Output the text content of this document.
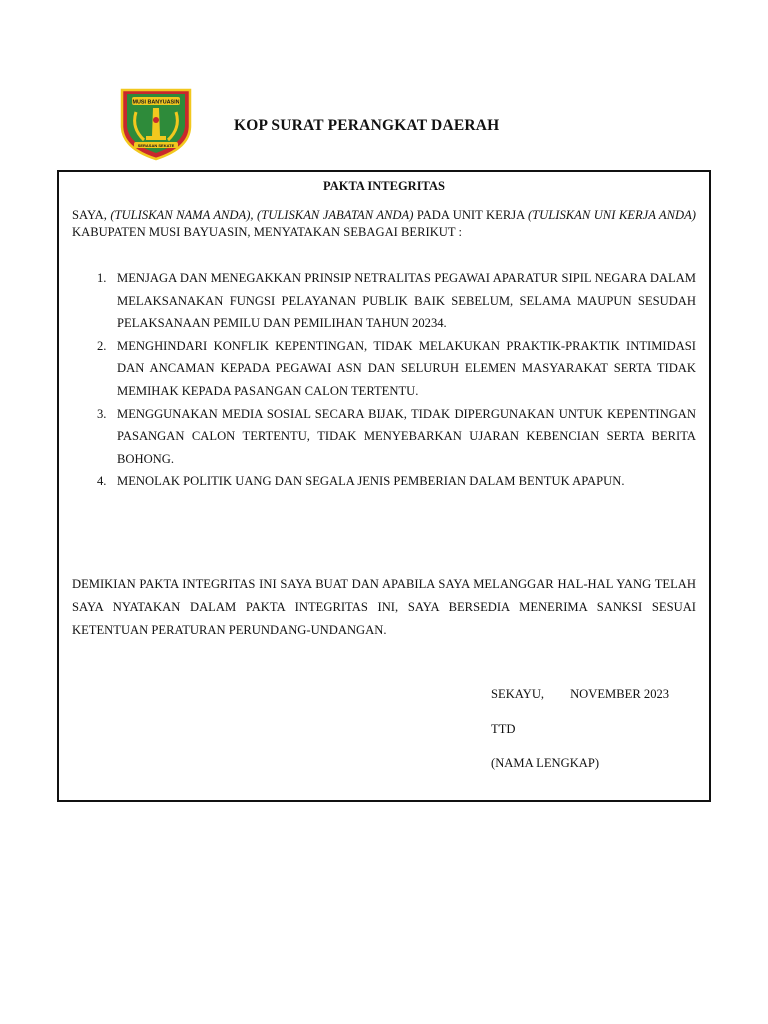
MUSI BANYUASIN
SERASAN SEKATE
KOP SURAT PERANGKAT DAERAH
PAKTA INTEGRITAS
SAYA, (TULISKAN NAMA ANDA), (TULISKAN JABATAN ANDA) PADA UNIT KERJA (TULISKAN UNI KERJA ANDA) KABUPATEN MUSI BAYUASIN, MENYATAKAN SEBAGAI BERIKUT :
1. MENJAGA DAN MENEGAKKAN PRINSIP NETRALITAS PEGAWAI APARATUR SIPIL NEGARA DALAM MELAKSANAKAN FUNGSI PELAYANAN PUBLIK BAIK SEBELUM, SELAMA MAUPUN SESUDAH PELAKSANAAN PEMILU DAN PEMILIHAN TAHUN 20234.
2. MENGHINDARI KONFLIK KEPENTINGAN, TIDAK MELAKUKAN PRAKTIK-PRAKTIK INTIMIDASI DAN ANCAMAN KEPADA PEGAWAI ASN DAN SELURUH ELEMEN MASYARAKAT SERTA TIDAK MEMIHAK KEPADA PASANGAN CALON TERTENTU.
3. MENGGUNAKAN MEDIA SOSIAL SECARA BIJAK, TIDAK DIPERGUNAKAN UNTUK KEPENTINGAN PASANGAN CALON TERTENTU, TIDAK MENYEBARKAN UJARAN KEBENCIAN SERTA BERITA BOHONG.
4. MENOLAK POLITIK UANG DAN SEGALA JENIS PEMBERIAN DALAM BENTUK APAPUN.
DEMIKIAN PAKTA INTEGRITAS INI SAYA BUAT DAN APABILA SAYA MELANGGAR HAL-HAL YANG TELAH SAYA NYATAKAN DALAM PAKTA INTEGRITAS INI, SAYA BERSEDIA MENERIMA SANKSI SESUAI KETENTUAN PERATURAN PERUNDANG-UNDANGAN.
SEKAYU, NOVEMBER 2023
TTD
(NAMA LENGKAP)
